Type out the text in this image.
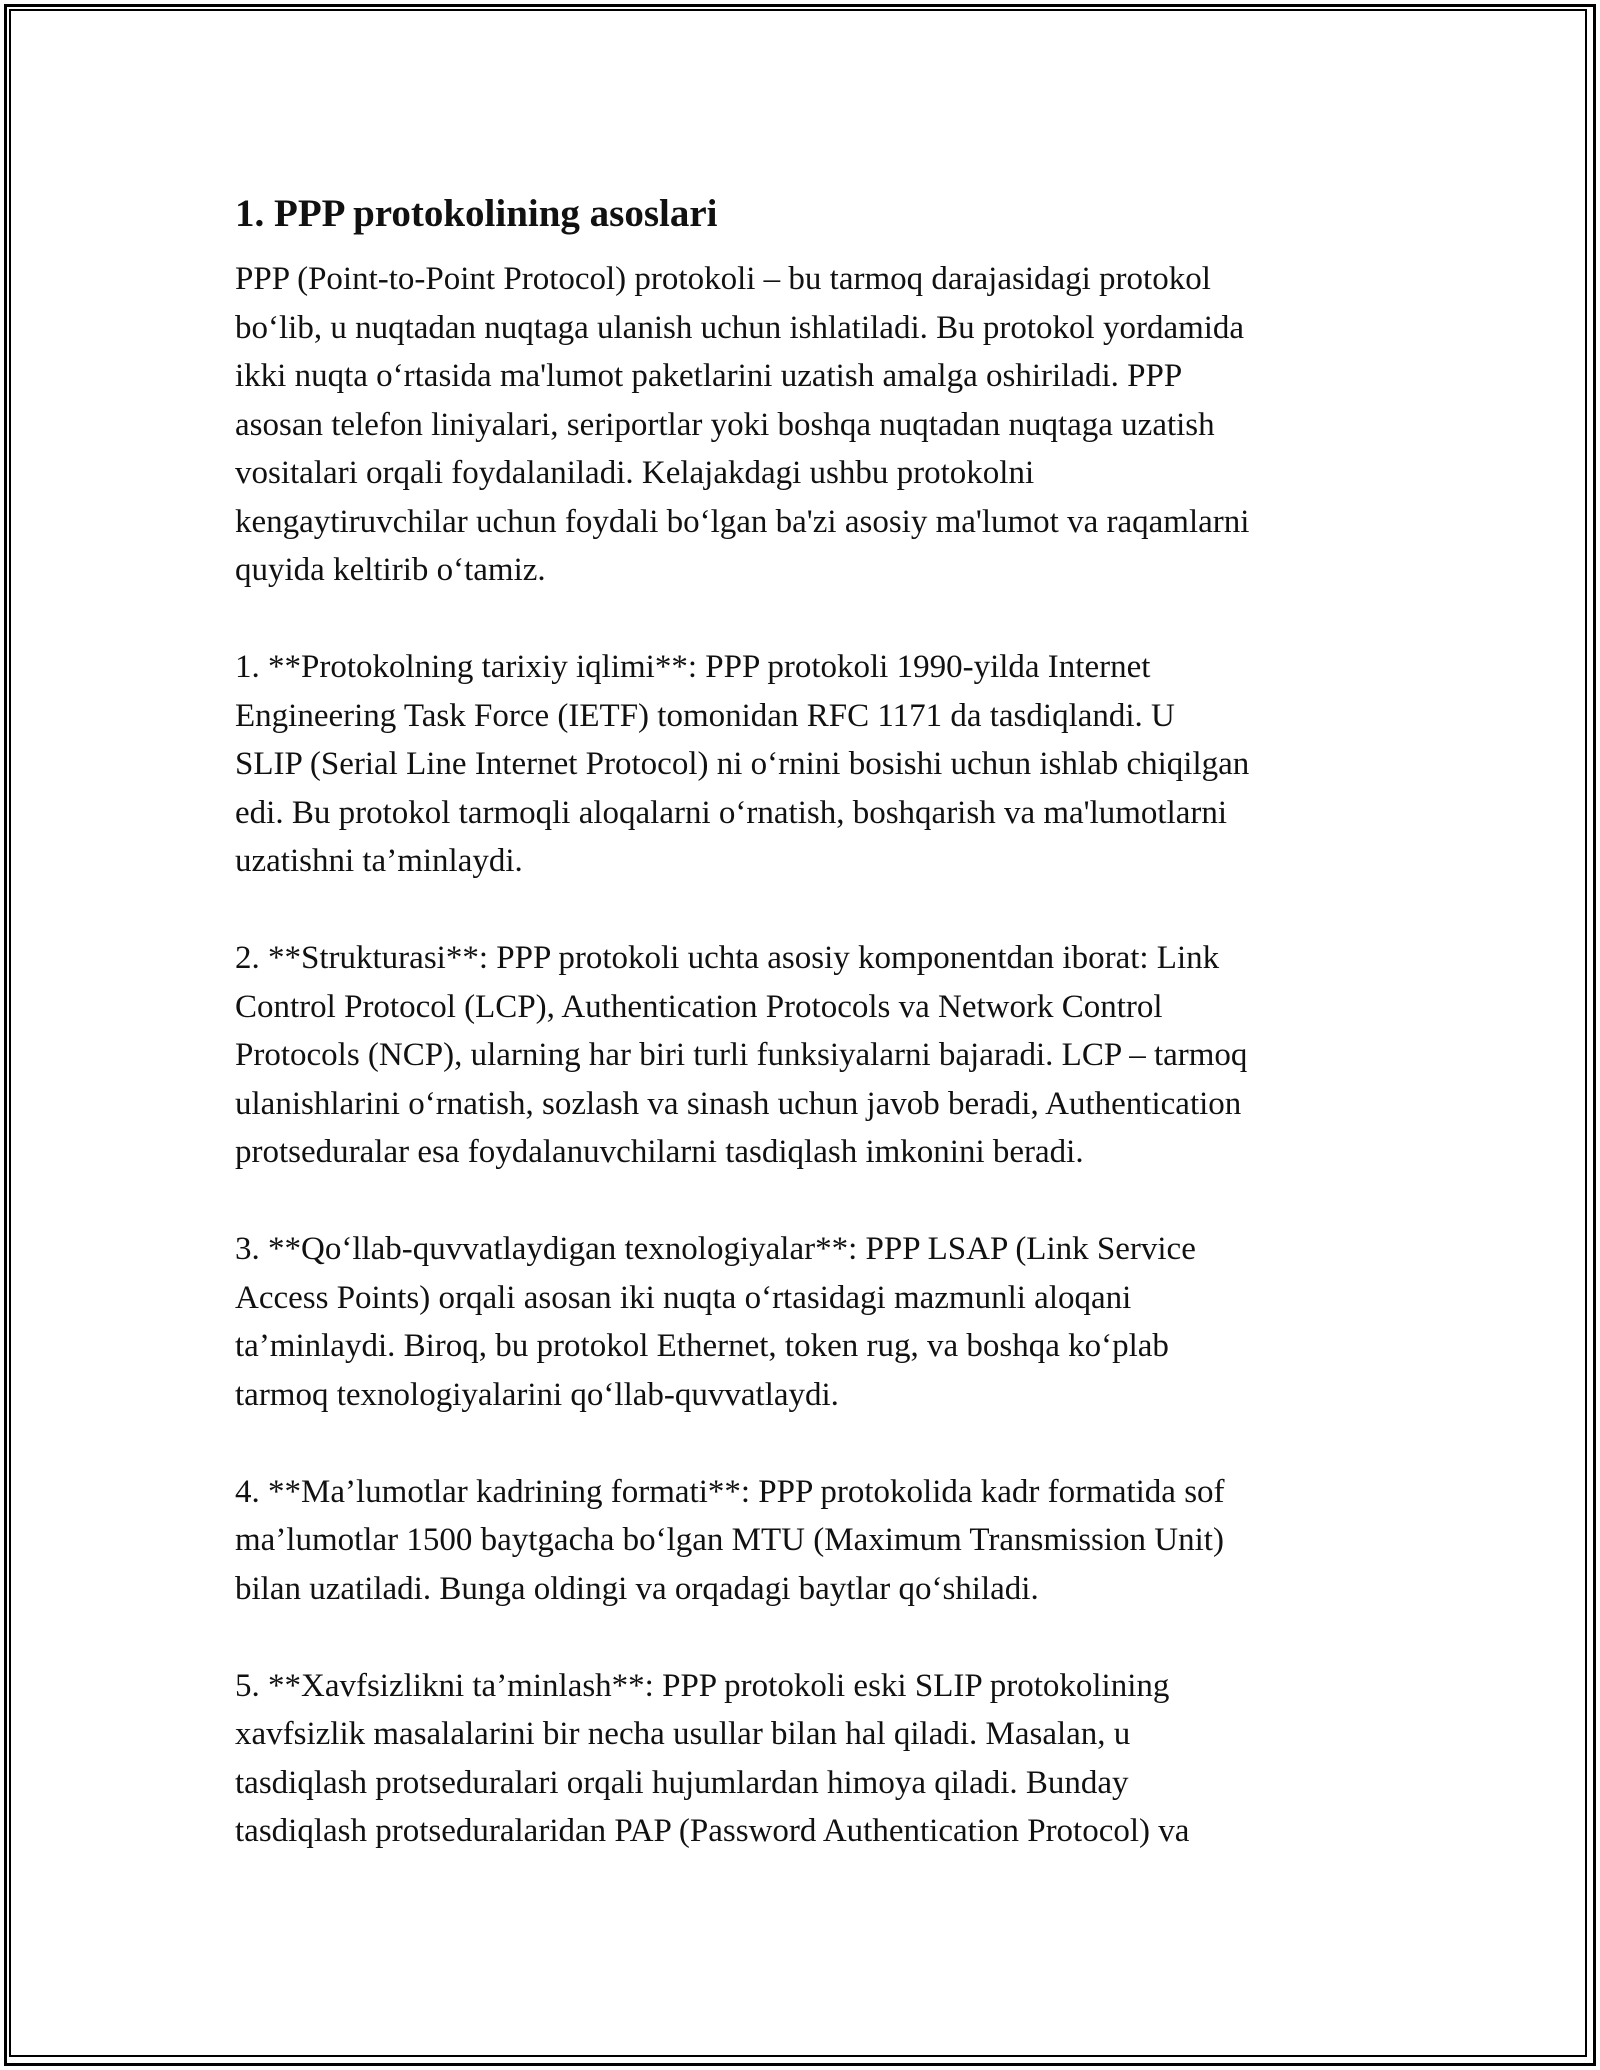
1. PPP protokolining asoslari

PPP (Point-to-Point Protocol) protokoli – bu tarmoq darajasidagi protokol
bo‘lib, u nuqtadan nuqtaga ulanish uchun ishlatiladi. Bu protokol yordamida
ikki nuqta o‘rtasida ma'lumot paketlarini uzatish amalga oshiriladi. PPP
asosan telefon liniyalari, seriportlar yoki boshqa nuqtadan nuqtaga uzatish
vositalari orqali foydalaniladi. Kelajakdagi ushbu protokolni
kengaytiruvchilar uchun foydali bo‘lgan ba'zi asosiy ma'lumot va raqamlarni
quyida keltirib o‘tamiz.

1. **Protokolning tarixiy iqlimi**: PPP protokoli 1990-yilda Internet
Engineering Task Force (IETF) tomonidan RFC 1171 da tasdiqlandi. U
SLIP (Serial Line Internet Protocol) ni o‘rnini bosishi uchun ishlab chiqilgan
edi. Bu protokol tarmoqli aloqalarni o‘rnatish, boshqarish va ma'lumotlarni
uzatishni ta’minlaydi.

2. **Strukturasi**: PPP protokoli uchta asosiy komponentdan iborat: Link
Control Protocol (LCP), Authentication Protocols va Network Control
Protocols (NCP), ularning har biri turli funksiyalarni bajaradi. LCP – tarmoq
ulanishlarini o‘rnatish, sozlash va sinash uchun javob beradi, Authentication
protseduralar esa foydalanuvchilarni tasdiqlash imkonini beradi.

3. **Qo‘llab-quvvatlaydigan texnologiyalar**: PPP LSAP (Link Service
Access Points) orqali asosan iki nuqta o‘rtasidagi mazmunli aloqani
ta’minlaydi. Biroq, bu protokol Ethernet, token rug, va boshqa ko‘plab
tarmoq texnologiyalarini qo‘llab-quvvatlaydi.

4. **Ma’lumotlar kadrining formati**: PPP protokolida kadr formatida sof
ma’lumotlar 1500 baytgacha bo‘lgan MTU (Maximum Transmission Unit)
bilan uzatiladi. Bunga oldingi va orqadagi baytlar qo‘shiladi.

5. **Xavfsizlikni ta’minlash**: PPP protokoli eski SLIP protokolining
xavfsizlik masalalarini bir necha usullar bilan hal qiladi. Masalan, u
tasdiqlash protseduralari orqali hujumlardan himoya qiladi. Bunday
tasdiqlash protseduralaridan PAP (Password Authentication Protocol) va
